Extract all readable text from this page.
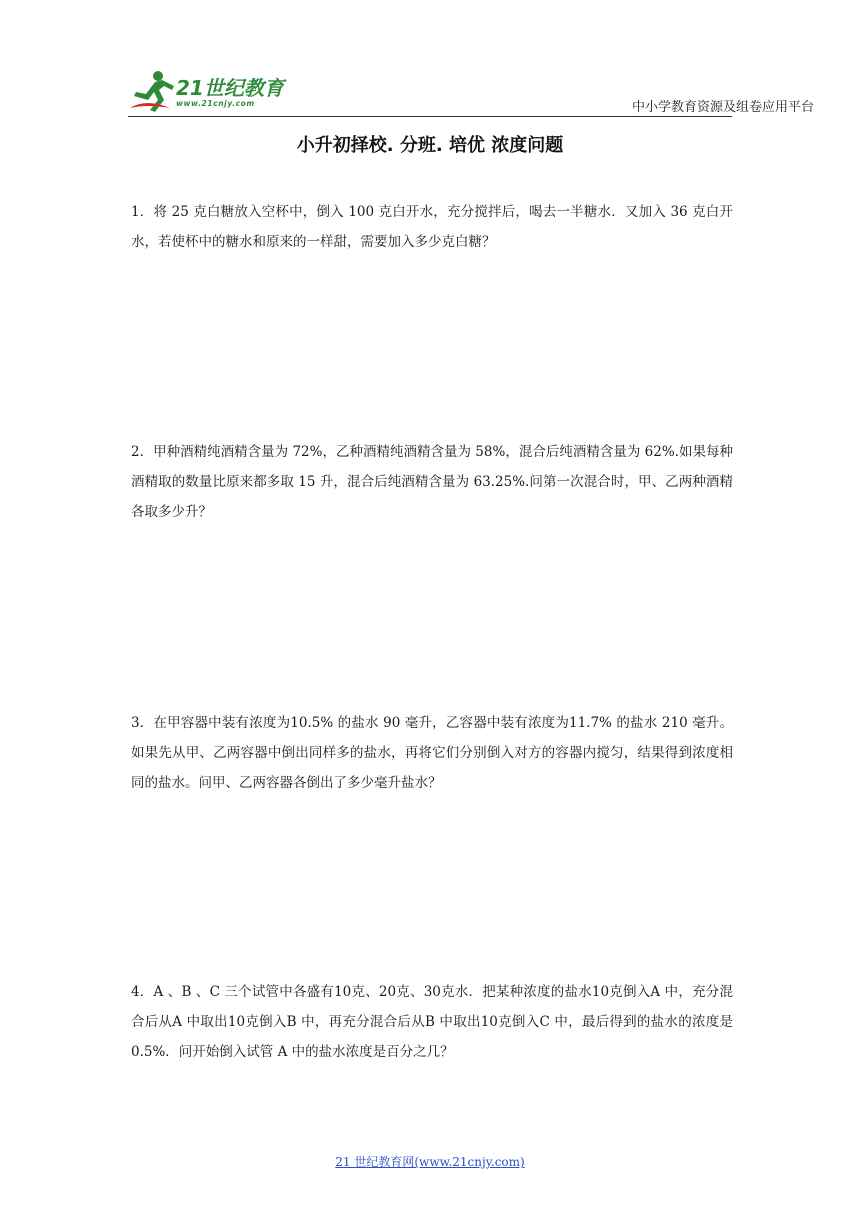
21世纪教育
www.21cnjy.com	中小学教育资源及组卷应用平台
小升初择校. 分班. 培优 浓度问题
1．将 25 克白糖放入空杯中，倒入 100 克白开水，充分搅拌后，喝去一半糖水．又加入 36 克白开水，若使杯中的糖水和原来的一样甜，需要加入多少克白糖？
2．甲种酒精纯酒精含量为 72%，乙种酒精纯酒精含量为 58%，混合后纯酒精含量为 62%.如果每种酒精取的数量比原来都多取 15 升，混合后纯酒精含量为 63.25%.问第一次混合时，甲、乙两种酒精各取多少升？
3．在甲容器中装有浓度为10.5% 的盐水 90 毫升，乙容器中装有浓度为11.7% 的盐水 210 毫升。如果先从甲、乙两容器中倒出同样多的盐水，再将它们分别倒入对方的容器内搅匀，结果得到浓度相同的盐水。问甲、乙两容器各倒出了多少毫升盐水？
4．A 、B 、C 三个试管中各盛有10克、20克、30克水．把某种浓度的盐水10克倒入A 中，充分混合后从A 中取出10克倒入B 中，再充分混合后从B 中取出10克倒入C 中，最后得到的盐水的浓度是 0.5%．问开始倒入试管 A 中的盐水浓度是百分之几？
21 世纪教育网(www.21cnjy.com)
